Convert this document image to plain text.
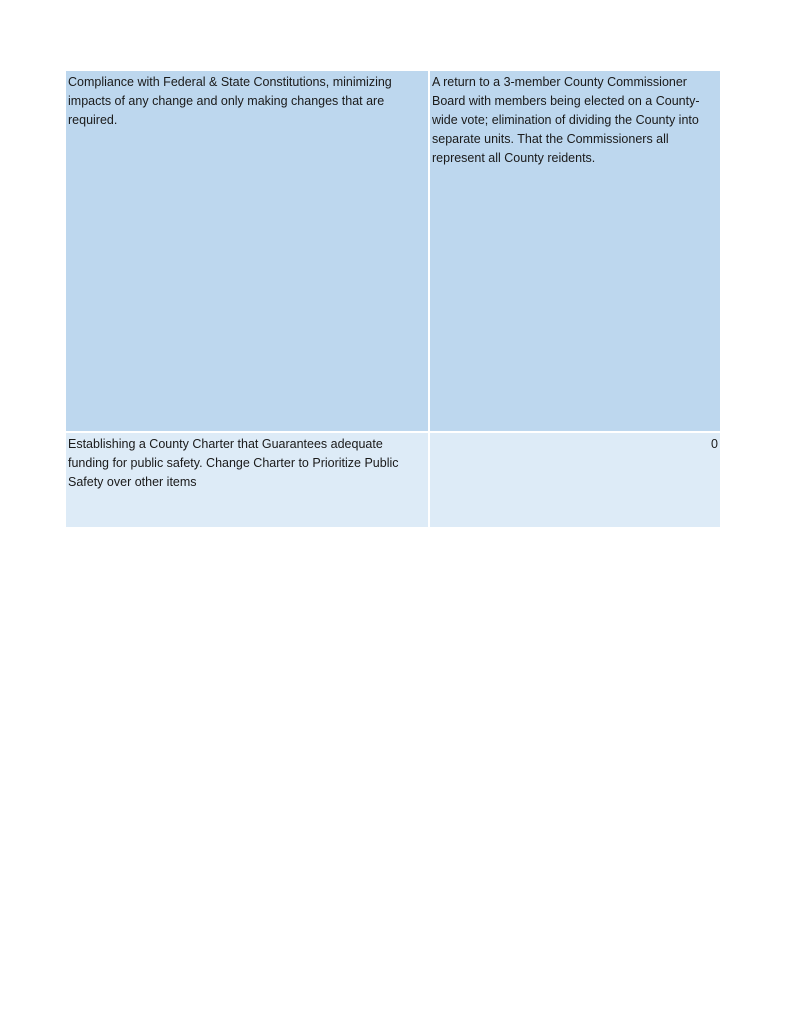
Compliance with Federal & State Constitutions, minimizing impacts of any change and only making changes that are required.	A return to a 3-member County Commissioner Board with members being elected on a County-wide vote; elimination of dividing the County into separate units. That the Commissioners all represent all County reidents.
Establishing a County Charter that Guarantees adequate funding for public safety. Change Charter to Prioritize Public Safety over other items	0
